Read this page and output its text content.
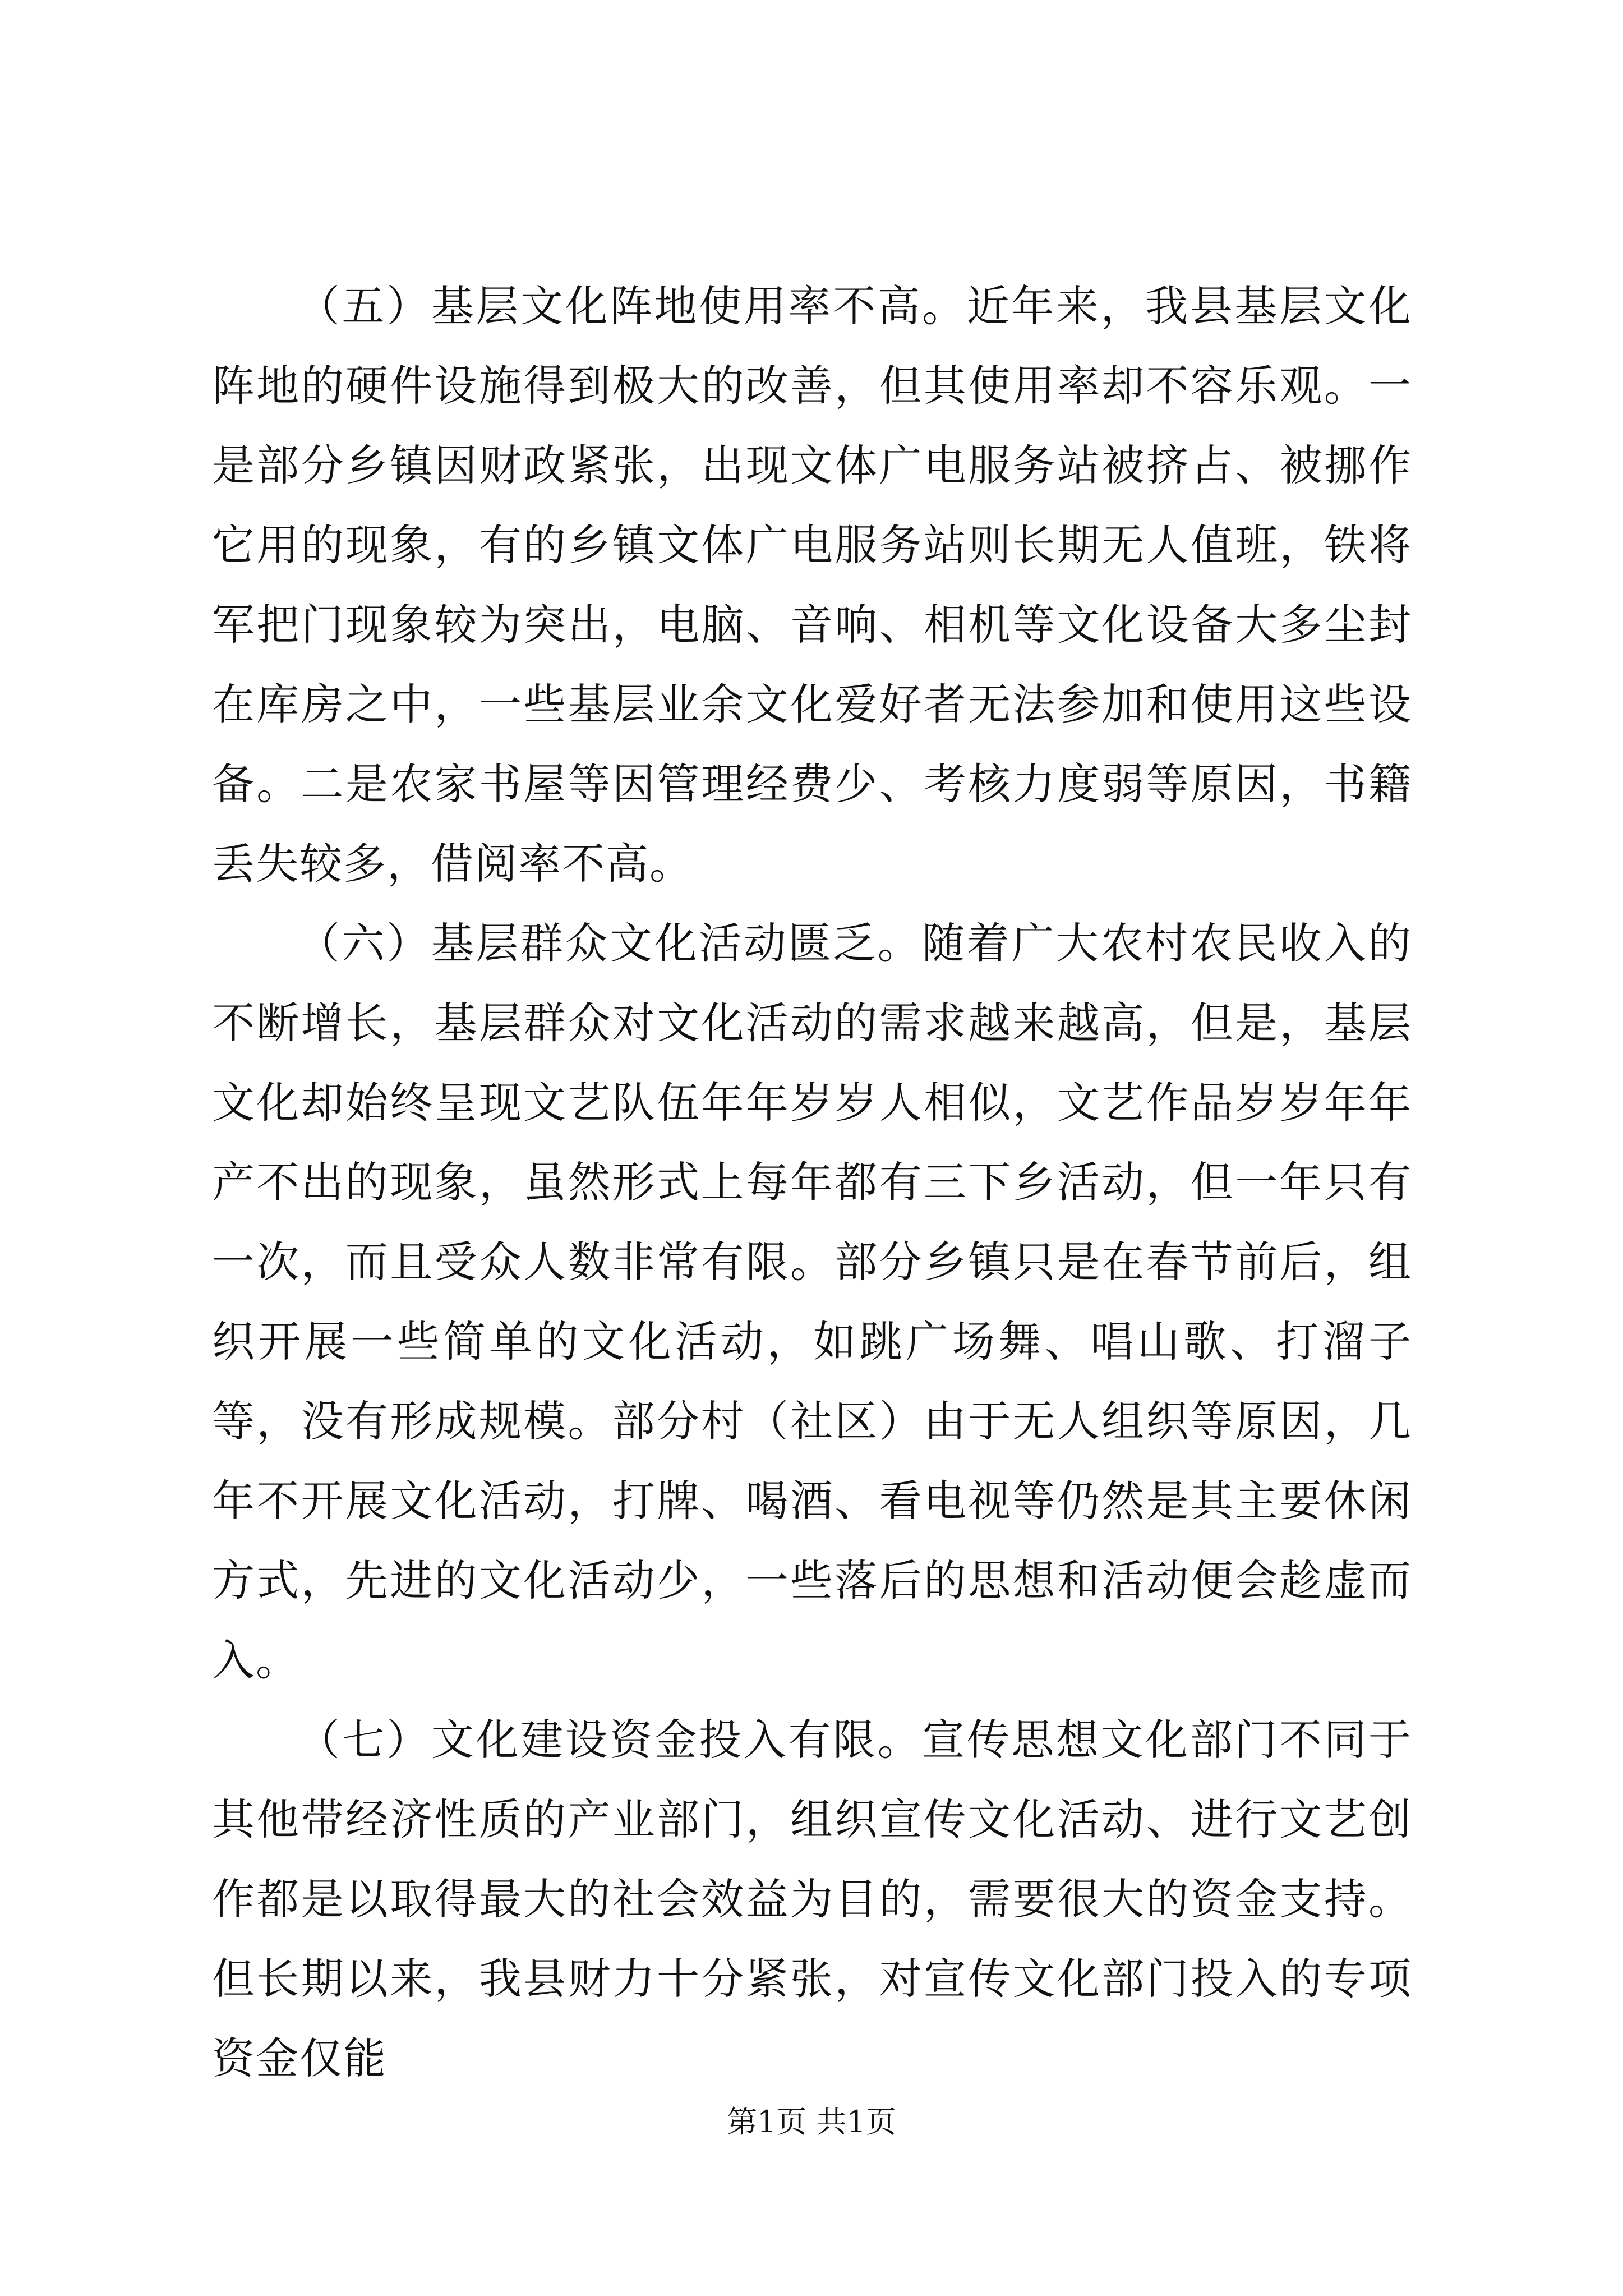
（五）基层文化阵地使用率不高。近年来，我县基层文化阵地的硬件设施得到极大的改善，但其使用率却不容乐观。一是部分乡镇因财政紧张，出现文体广电服务站被挤占、被挪作它用的现象，有的乡镇文体广电服务站则长期无人值班，铁将军把门现象较为突出，电脑、音响、相机等文化设备大多尘封在库房之中，一些基层业余文化爱好者无法参加和使用这些设备。二是农家书屋等因管理经费少、考核力度弱等原因，书籍丢失较多，借阅率不高。

（六）基层群众文化活动匮乏。随着广大农村农民收入的不断增长，基层群众对文化活动的需求越来越高，但是，基层文化却始终呈现文艺队伍年年岁岁人相似，文艺作品岁岁年年产不出的现象，虽然形式上每年都有三下乡活动，但一年只有一次，而且受众人数非常有限。部分乡镇只是在春节前后，组织开展一些简单的文化活动，如跳广场舞、唱山歌、打溜子等，没有形成规模。部分村（社区）由于无人组织等原因，几年不开展文化活动，打牌、喝酒、看电视等仍然是其主要休闲方式，先进的文化活动少，一些落后的思想和活动便会趁虚而入。

（七）文化建设资金投入有限。宣传思想文化部门不同于其他带经济性质的产业部门，组织宣传文化活动、进行文艺创作都是以取得最大的社会效益为目的，需要很大的资金支持。但长期以来，我县财力十分紧张，对宣传文化部门投入的专项资金仅能

第1页 共1页
